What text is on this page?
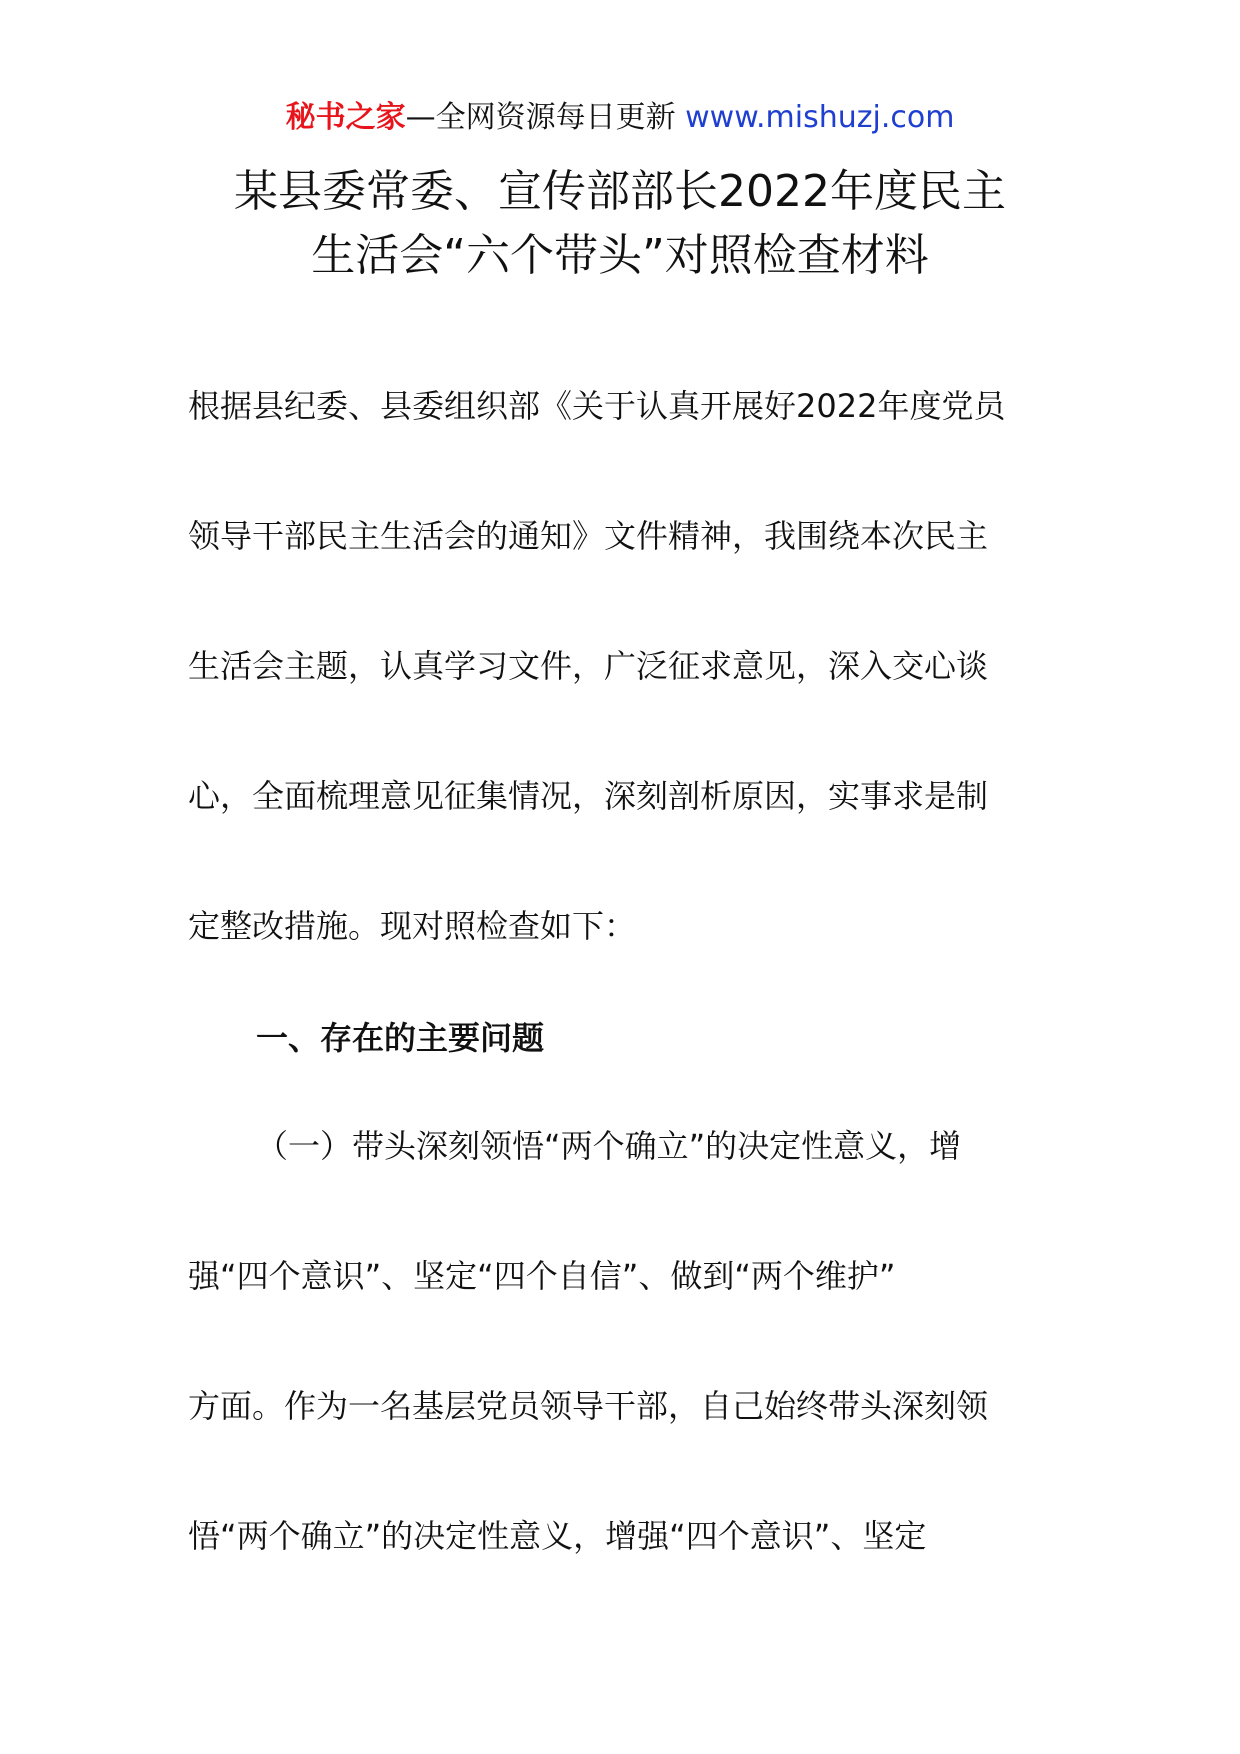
秘书之家—全网资源每日更新 www.mishuzj.com
某县委常委、宣传部部长2022年度民主
生活会“六个带头”对照检查材料
根据县纪委、县委组织部《关于认真开展好2022年度党员
领导干部民主生活会的通知》文件精神，我围绕本次民主
生活会主题，认真学习文件，广泛征求意见，深入交心谈
心，全面梳理意见征集情况，深刻剖析原因，实事求是制
定整改措施。现对照检查如下：
一、存在的主要问题
（一）带头深刻领悟“两个确立”的决定性意义，增
强“四个意识”、坚定“四个自信”、做到“两个维护”
方面。作为一名基层党员领导干部，自己始终带头深刻领
悟“两个确立”的决定性意义，增强“四个意识”、坚定
